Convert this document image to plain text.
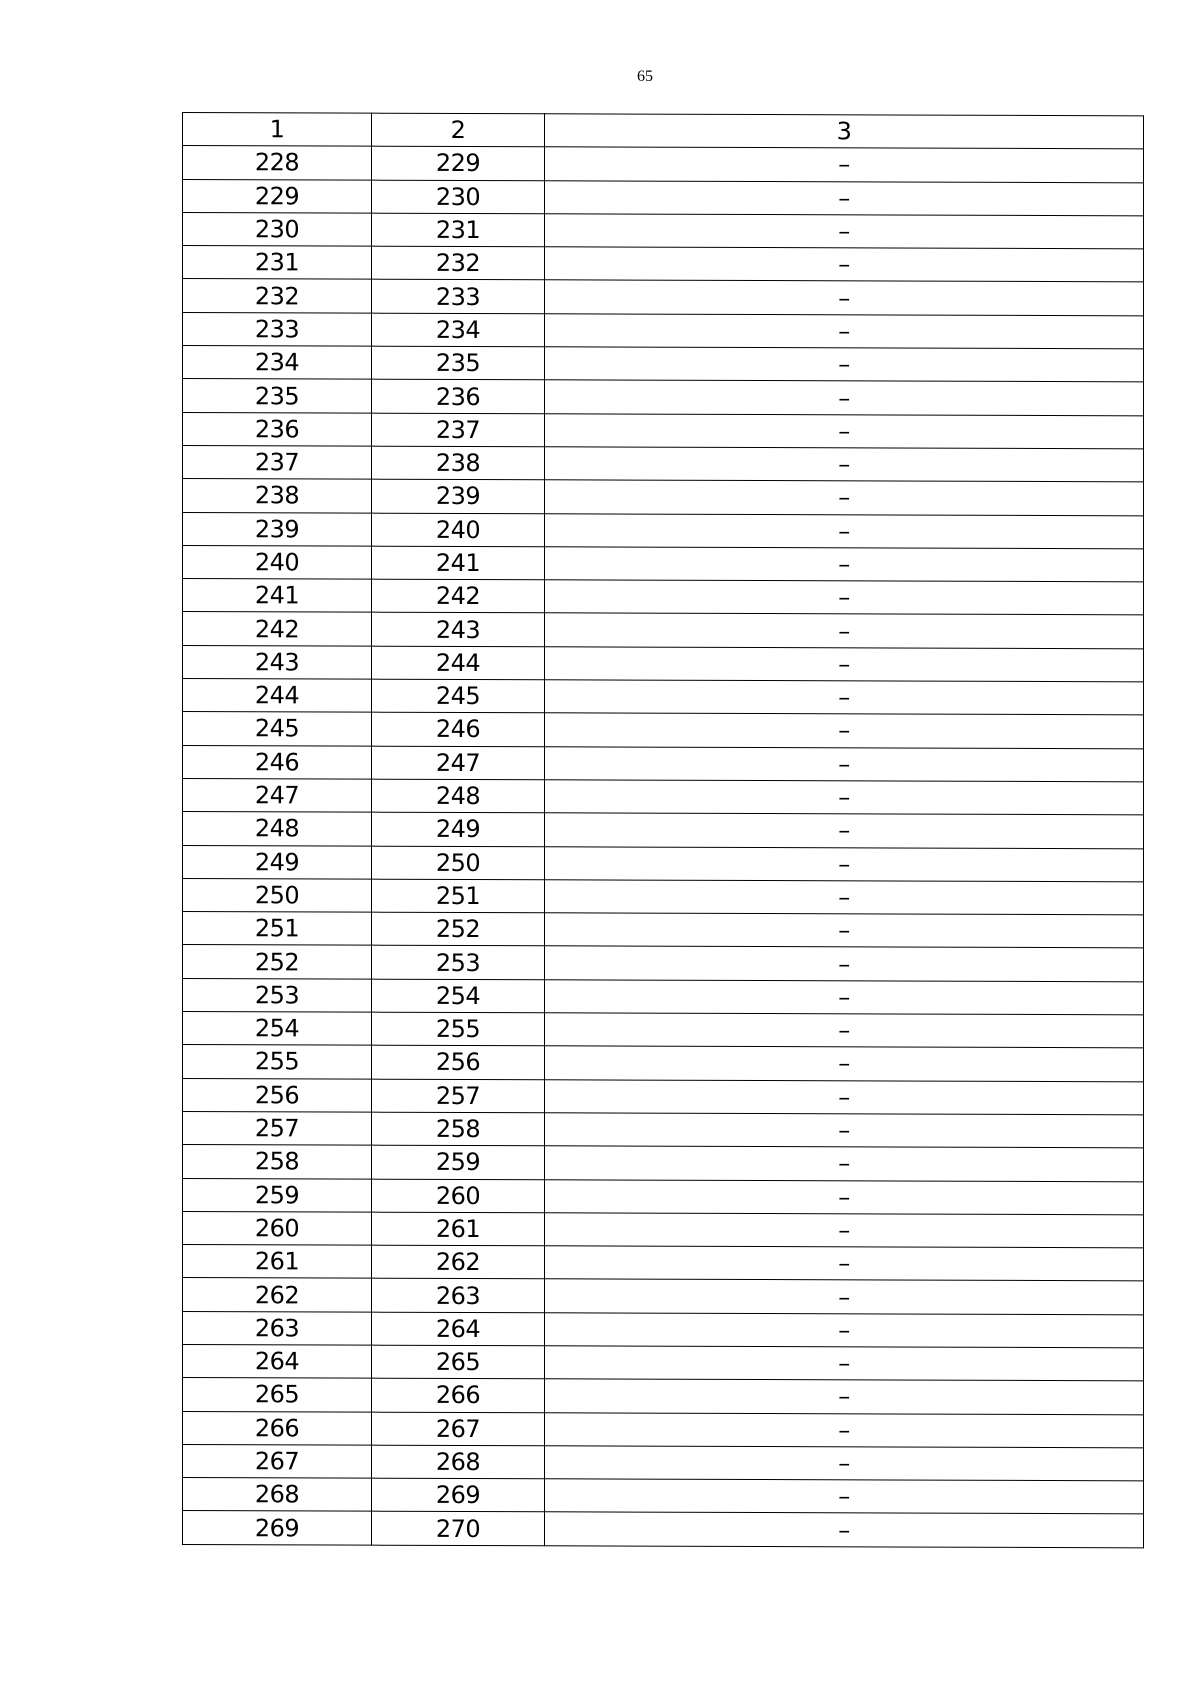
65
1	2	3
228	229	–
229	230	–
230	231	–
231	232	–
232	233	–
233	234	–
234	235	–
235	236	–
236	237	–
237	238	–
238	239	–
239	240	–
240	241	–
241	242	–
242	243	–
243	244	–
244	245	–
245	246	–
246	247	–
247	248	–
248	249	–
249	250	–
250	251	–
251	252	–
252	253	–
253	254	–
254	255	–
255	256	–
256	257	–
257	258	–
258	259	–
259	260	–
260	261	–
261	262	–
262	263	–
263	264	–
264	265	–
265	266	–
266	267	–
267	268	–
268	269	–
269	270	–
